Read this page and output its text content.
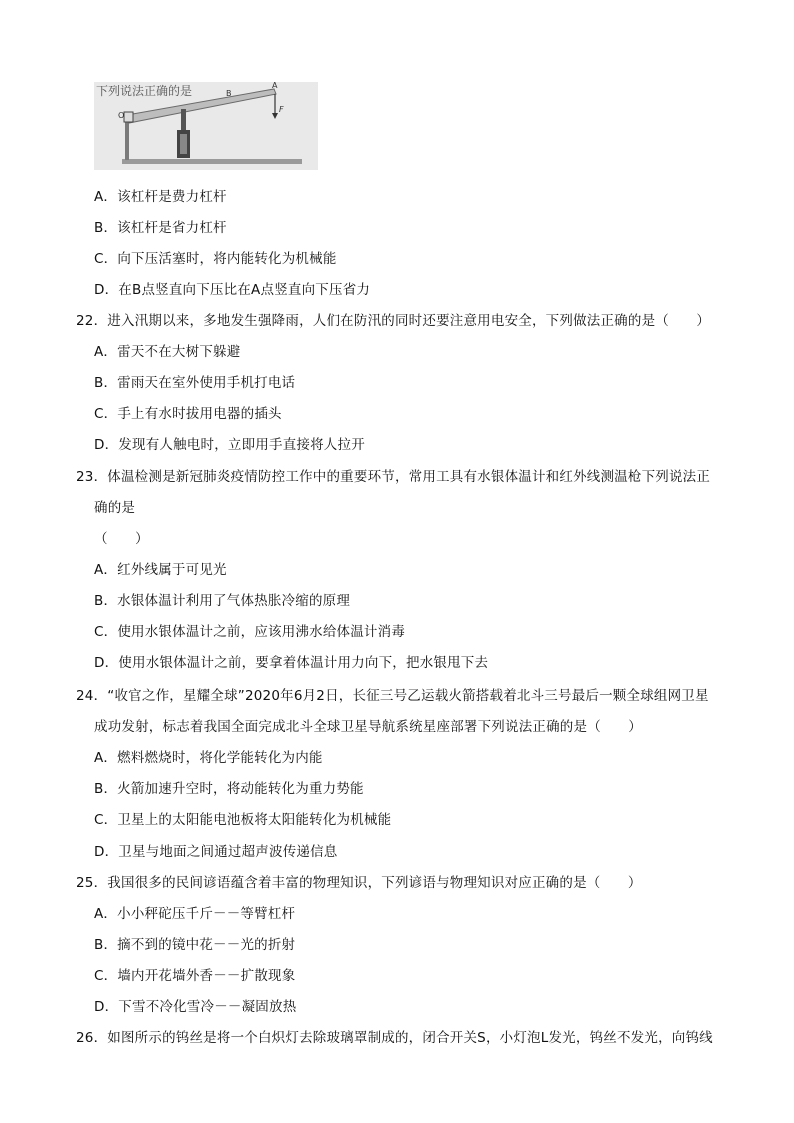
下列说法正确的是	A
B
O
F
A．该杠杆是费力杠杆
B．该杠杆是省力杠杆
C．向下压活塞时，将内能转化为机械能
D．在B点竖直向下压比在A点竖直向下压省力
22．进入汛期以来，多地发生强降雨，人们在防汛的同时还要注意用电安全，下列做法正确的是（　　）
A．雷天不在大树下躲避
B．雷雨天在室外使用手机打电话
C．手上有水时拔用电器的插头
D．发现有人触电时，立即用手直接将人拉开
23．体温检测是新冠肺炎疫情防控工作中的重要环节，常用工具有水银体温计和红外线测温枪下列说法正
确的是
（　　）
A．红外线属于可见光
B．水银体温计利用了气体热胀冷缩的原理
C．使用水银体温计之前，应该用沸水给体温计消毒
D．使用水银体温计之前，要拿着体温计用力向下，把水银甩下去
24．“收官之作，星耀全球”2020年6月2日，长征三号乙运载火箭搭载着北斗三号最后一颗全球组网卫星
成功发射，标志着我国全面完成北斗全球卫星导航系统星座部署下列说法正确的是（　　）
A．燃料燃烧时，将化学能转化为内能
B．火箭加速升空时，将动能转化为重力势能
C．卫星上的太阳能电池板将太阳能转化为机械能
D．卫星与地面之间通过超声波传递信息
25．我国很多的民间谚语蕴含着丰富的物理知识，下列谚语与物理知识对应正确的是（　　）
A．小小秤砣压千斤－－等臂杠杆
B．摘不到的镜中花－－光的折射
C．墙内开花墙外香－－扩散现象
D．下雪不冷化雪冷－－凝固放热
26．如图所示的钨丝是将一个白炽灯去除玻璃罩制成的，闭合开关S，小灯泡L发光，钨丝不发光，向钨线
